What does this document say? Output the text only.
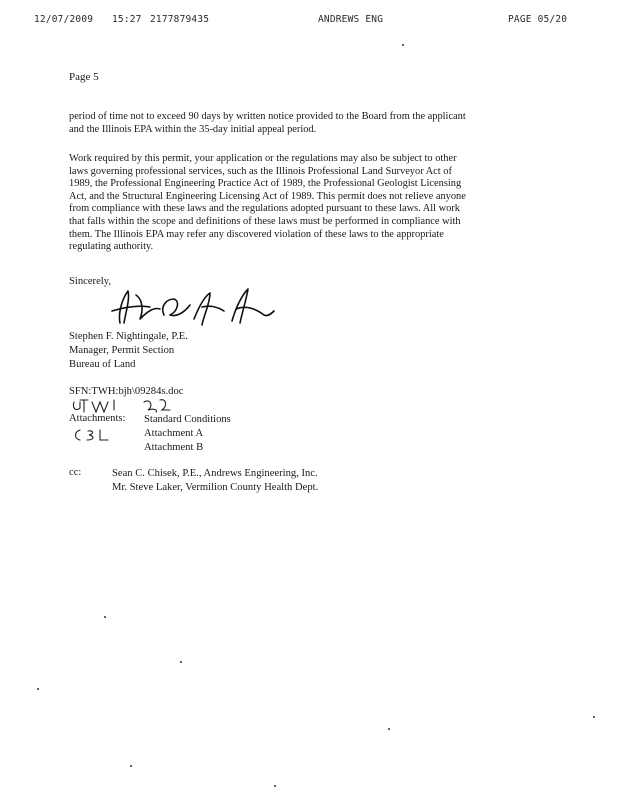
12/07/2009 15:27 2177879435	ANDREWS ENG	PAGE 05/20
Page 5
period of time not to exceed 90 days by written notice provided to the Board from the applicant
and the Illinois EPA within the 35-day initial appeal period.
Work required by this permit, your application or the regulations may also be subject to other
laws governing professional services, such as the Illinois Professional Land Surveyor Act of
1989, the Professional Engineering Practice Act of 1989, the Professional Geologist Licensing
Act, and the Structural Engineering Licensing Act of 1989. This permit does not relieve anyone
from compliance with these laws and the regulations adopted pursuant to these laws. All work
that falls within the scope and definitions of these laws must be performed in compliance with
them. The Illinois EPA may refer any discovered violation of these laws to the appropriate
regulating authority.
Sincerely,
Stephen F. Nightingale, P.E.
Manager, Permit Section
Bureau of Land
SFN:TWH:bjh\09284s.doc
Attachments: Standard Conditions
Attachment A
Attachment B
cc:	Sean C. Chisek, P.E., Andrews Engineering, Inc.
Mr. Steve Laker, Vermilion County Health Dept.
